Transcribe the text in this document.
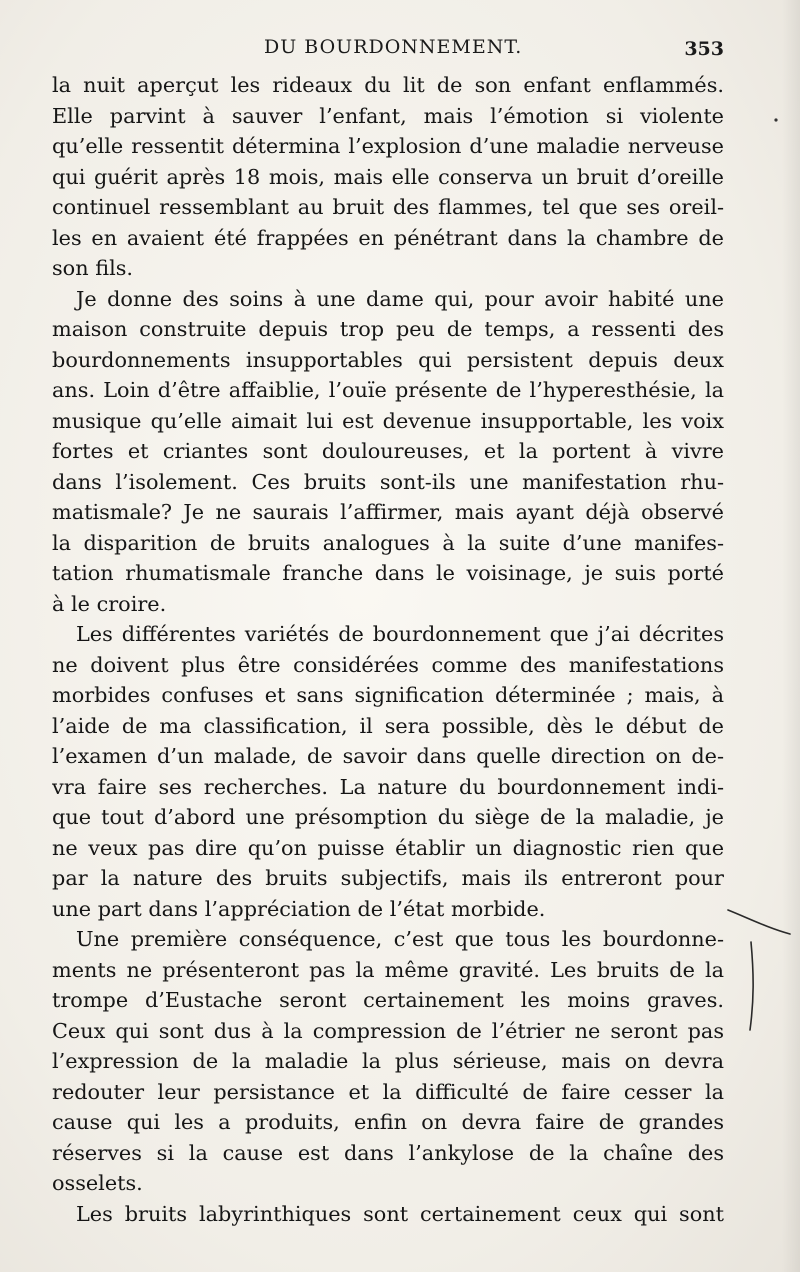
DU BOURDONNEMENT.	353
la nuit aperçut les rideaux du lit de son enfant enflammés.
Elle parvint à sauver l’enfant, mais l’émotion si violente
qu’elle ressentit détermina l’explosion d’une maladie nerveuse
qui guérit après 18 mois, mais elle conserva un bruit d’oreille
continuel ressemblant au bruit des flammes, tel que ses oreil-
les en avaient été frappées en pénétrant dans la chambre de
son fils.
Je donne des soins à une dame qui, pour avoir habité une
maison construite depuis trop peu de temps, a ressenti des
bourdonnements insupportables qui persistent depuis deux
ans. Loin d’être affaiblie, l’ouïe présente de l’hyperesthésie, la
musique qu’elle aimait lui est devenue insupportable, les voix
fortes et criantes sont douloureuses, et la portent à vivre
dans l’isolement. Ces bruits sont-ils une manifestation rhu-
matismale? Je ne saurais l’affirmer, mais ayant déjà observé
la disparition de bruits analogues à la suite d’une manifes-
tation rhumatismale franche dans le voisinage, je suis porté
à le croire.
Les différentes variétés de bourdonnement que j’ai décrites
ne doivent plus être considérées comme des manifestations
morbides confuses et sans signification déterminée ; mais, à
l’aide de ma classification, il sera possible, dès le début de
l’examen d’un malade, de savoir dans quelle direction on de-
vra faire ses recherches. La nature du bourdonnement indi-
que tout d’abord une présomption du siège de la maladie, je
ne veux pas dire qu’on puisse établir un diagnostic rien que
par la nature des bruits subjectifs, mais ils entreront pour
une part dans l’appréciation de l’état morbide.
Une première conséquence, c’est que tous les bourdonne-
ments ne présenteront pas la même gravité. Les bruits de la
trompe d’Eustache seront certainement les moins graves.
Ceux qui sont dus à la compression de l’étrier ne seront pas
l’expression de la maladie la plus sérieuse, mais on devra
redouter leur persistance et la difficulté de faire cesser la
cause qui les a produits, enfin on devra faire de grandes
réserves si la cause est dans l’ankylose de la chaîne des
osselets.
Les bruits labyrinthiques sont certainement ceux qui sont
